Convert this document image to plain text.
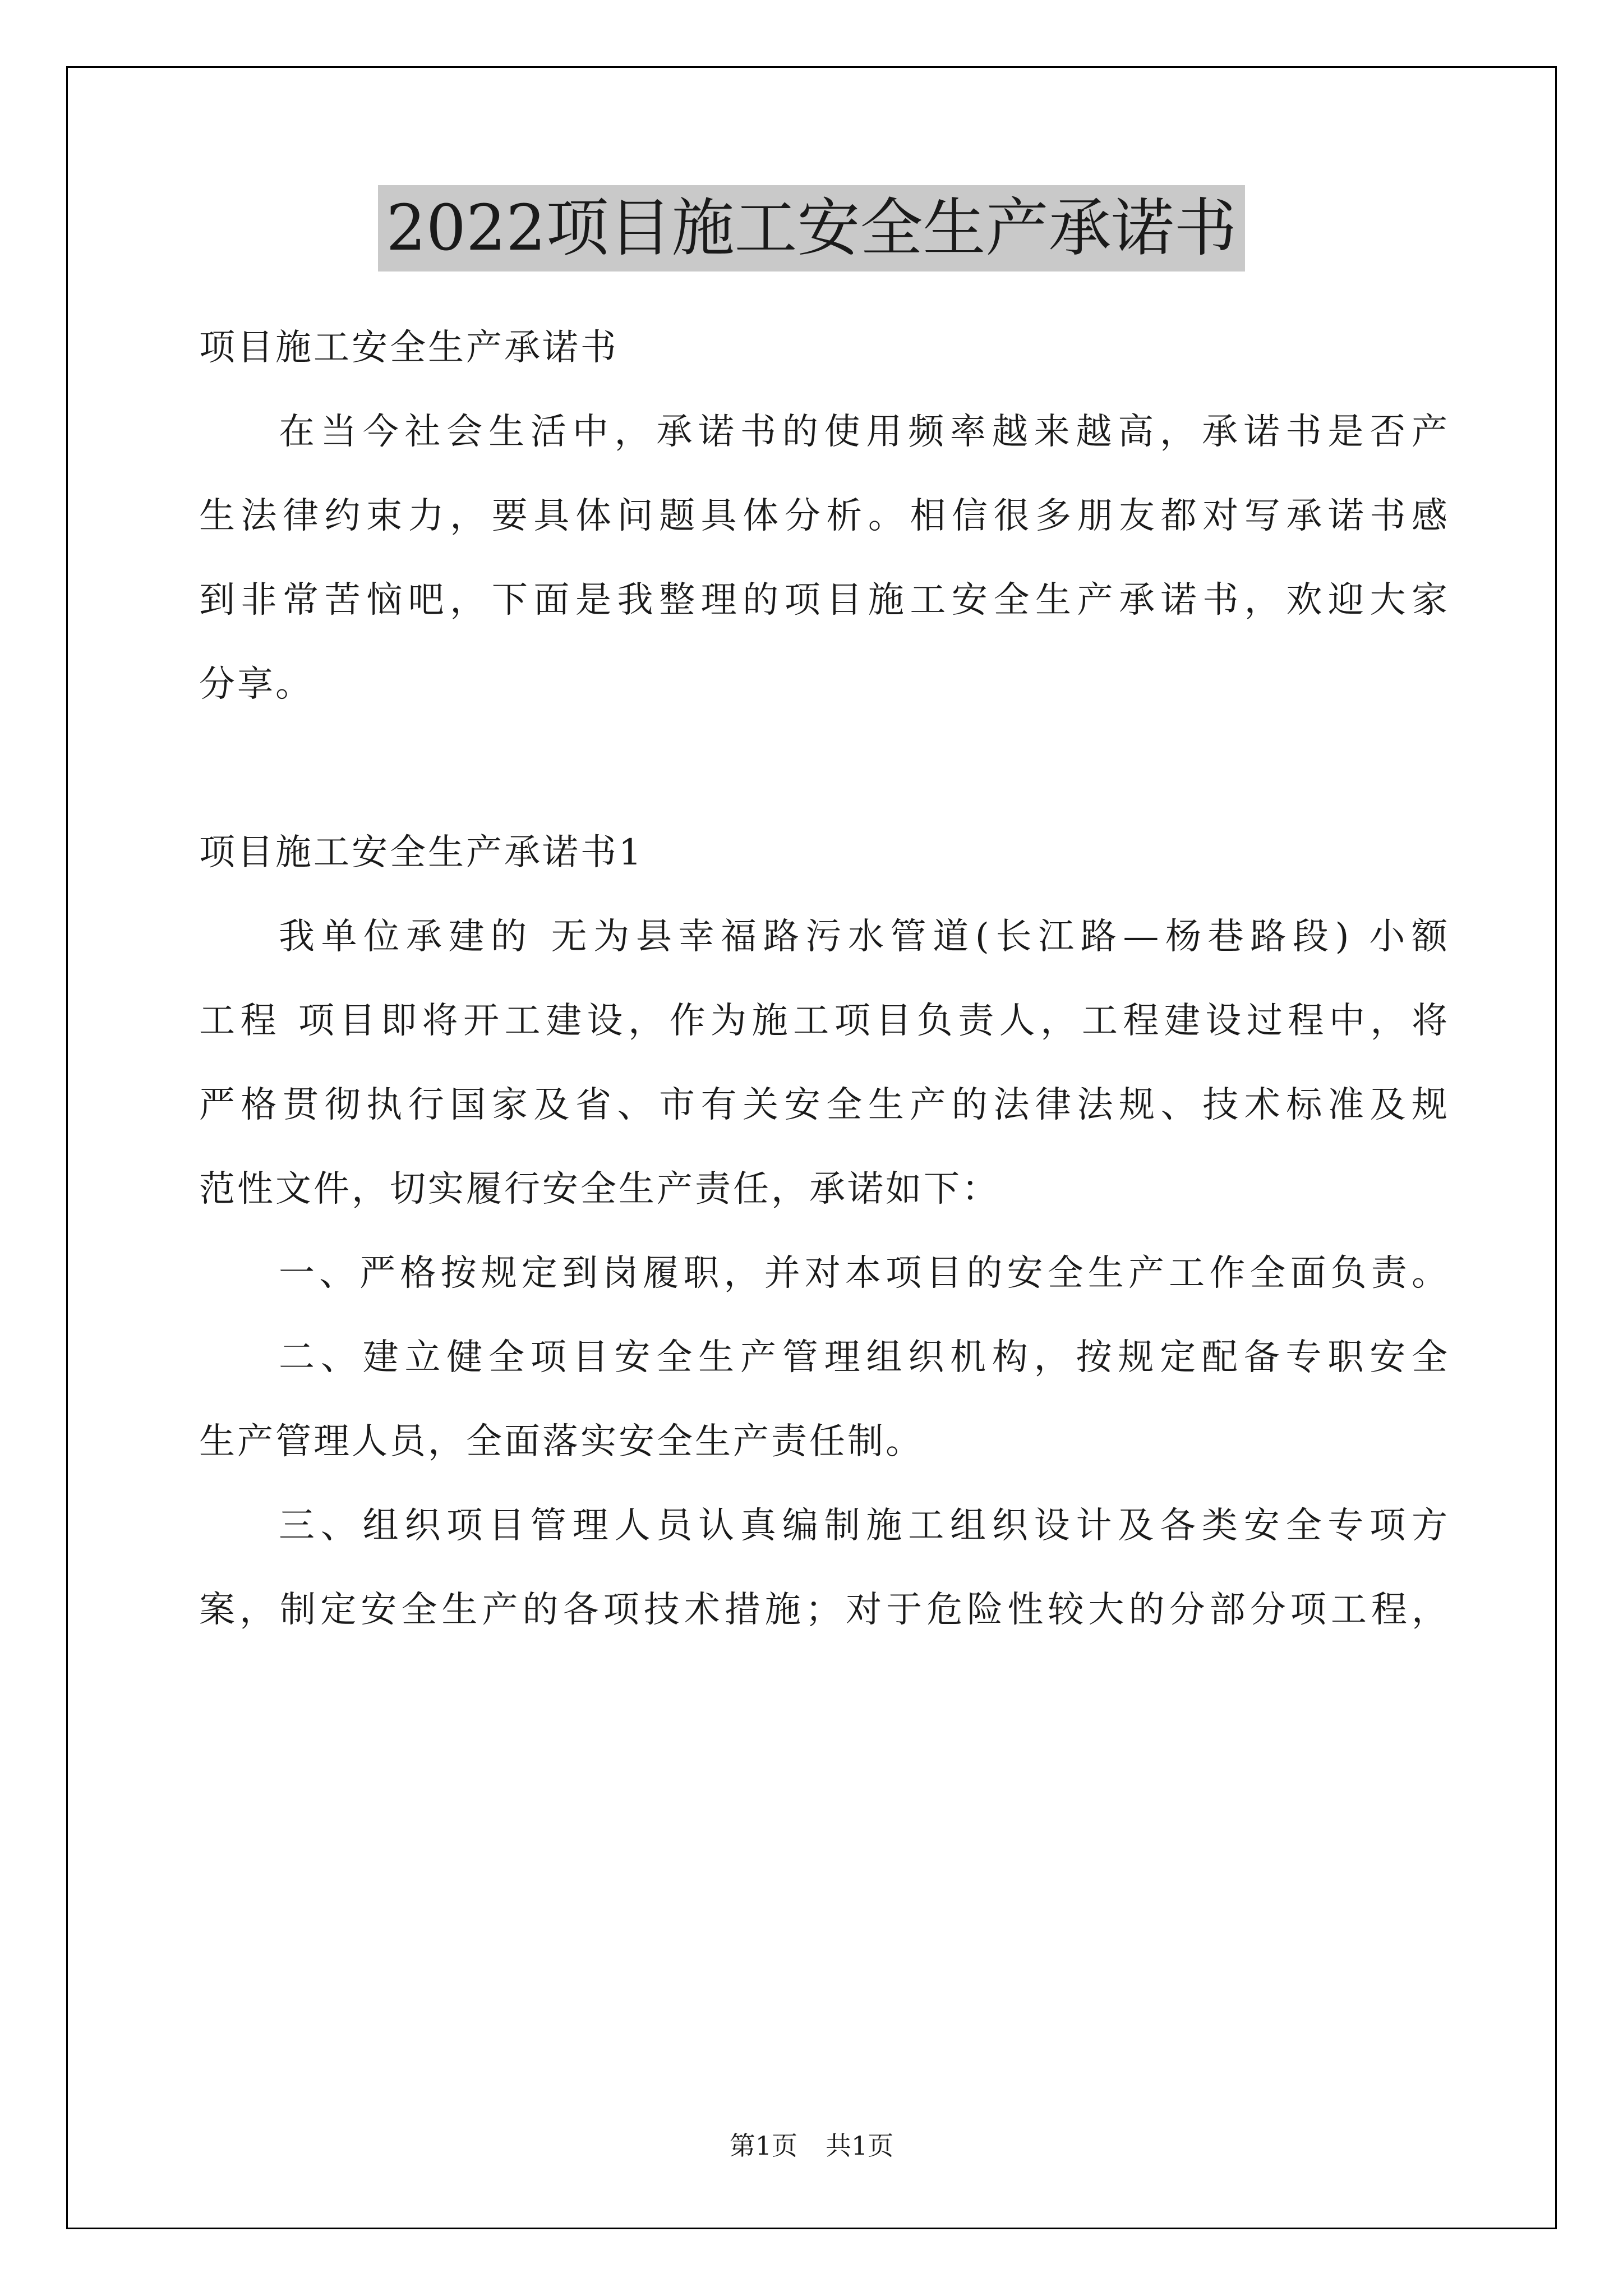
2022项目施工安全生产承诺书
项目施工安全生产承诺书
在当今社会生活中，承诺书的使用频率越来越高，承诺书是否产
生法律约束力，要具体问题具体分析。相信很多朋友都对写承诺书感
到非常苦恼吧，下面是我整理的项目施工安全生产承诺书，欢迎大家
分享。
项目施工安全生产承诺书1
我单位承建的 无为县幸福路污水管道(长江路—杨巷路段) 小额
工程 项目即将开工建设，作为施工项目负责人，工程建设过程中，将
严格贯彻执行国家及省、市有关安全生产的法律法规、技术标准及规
范性文件，切实履行安全生产责任，承诺如下：
一、严格按规定到岗履职，并对本项目的安全生产工作全面负责。
二、建立健全项目安全生产管理组织机构，按规定配备专职安全
生产管理人员，全面落实安全生产责任制。
三、组织项目管理人员认真编制施工组织设计及各类安全专项方
案，制定安全生产的各项技术措施；对于危险性较大的分部分项工程，
第1页 共1页
